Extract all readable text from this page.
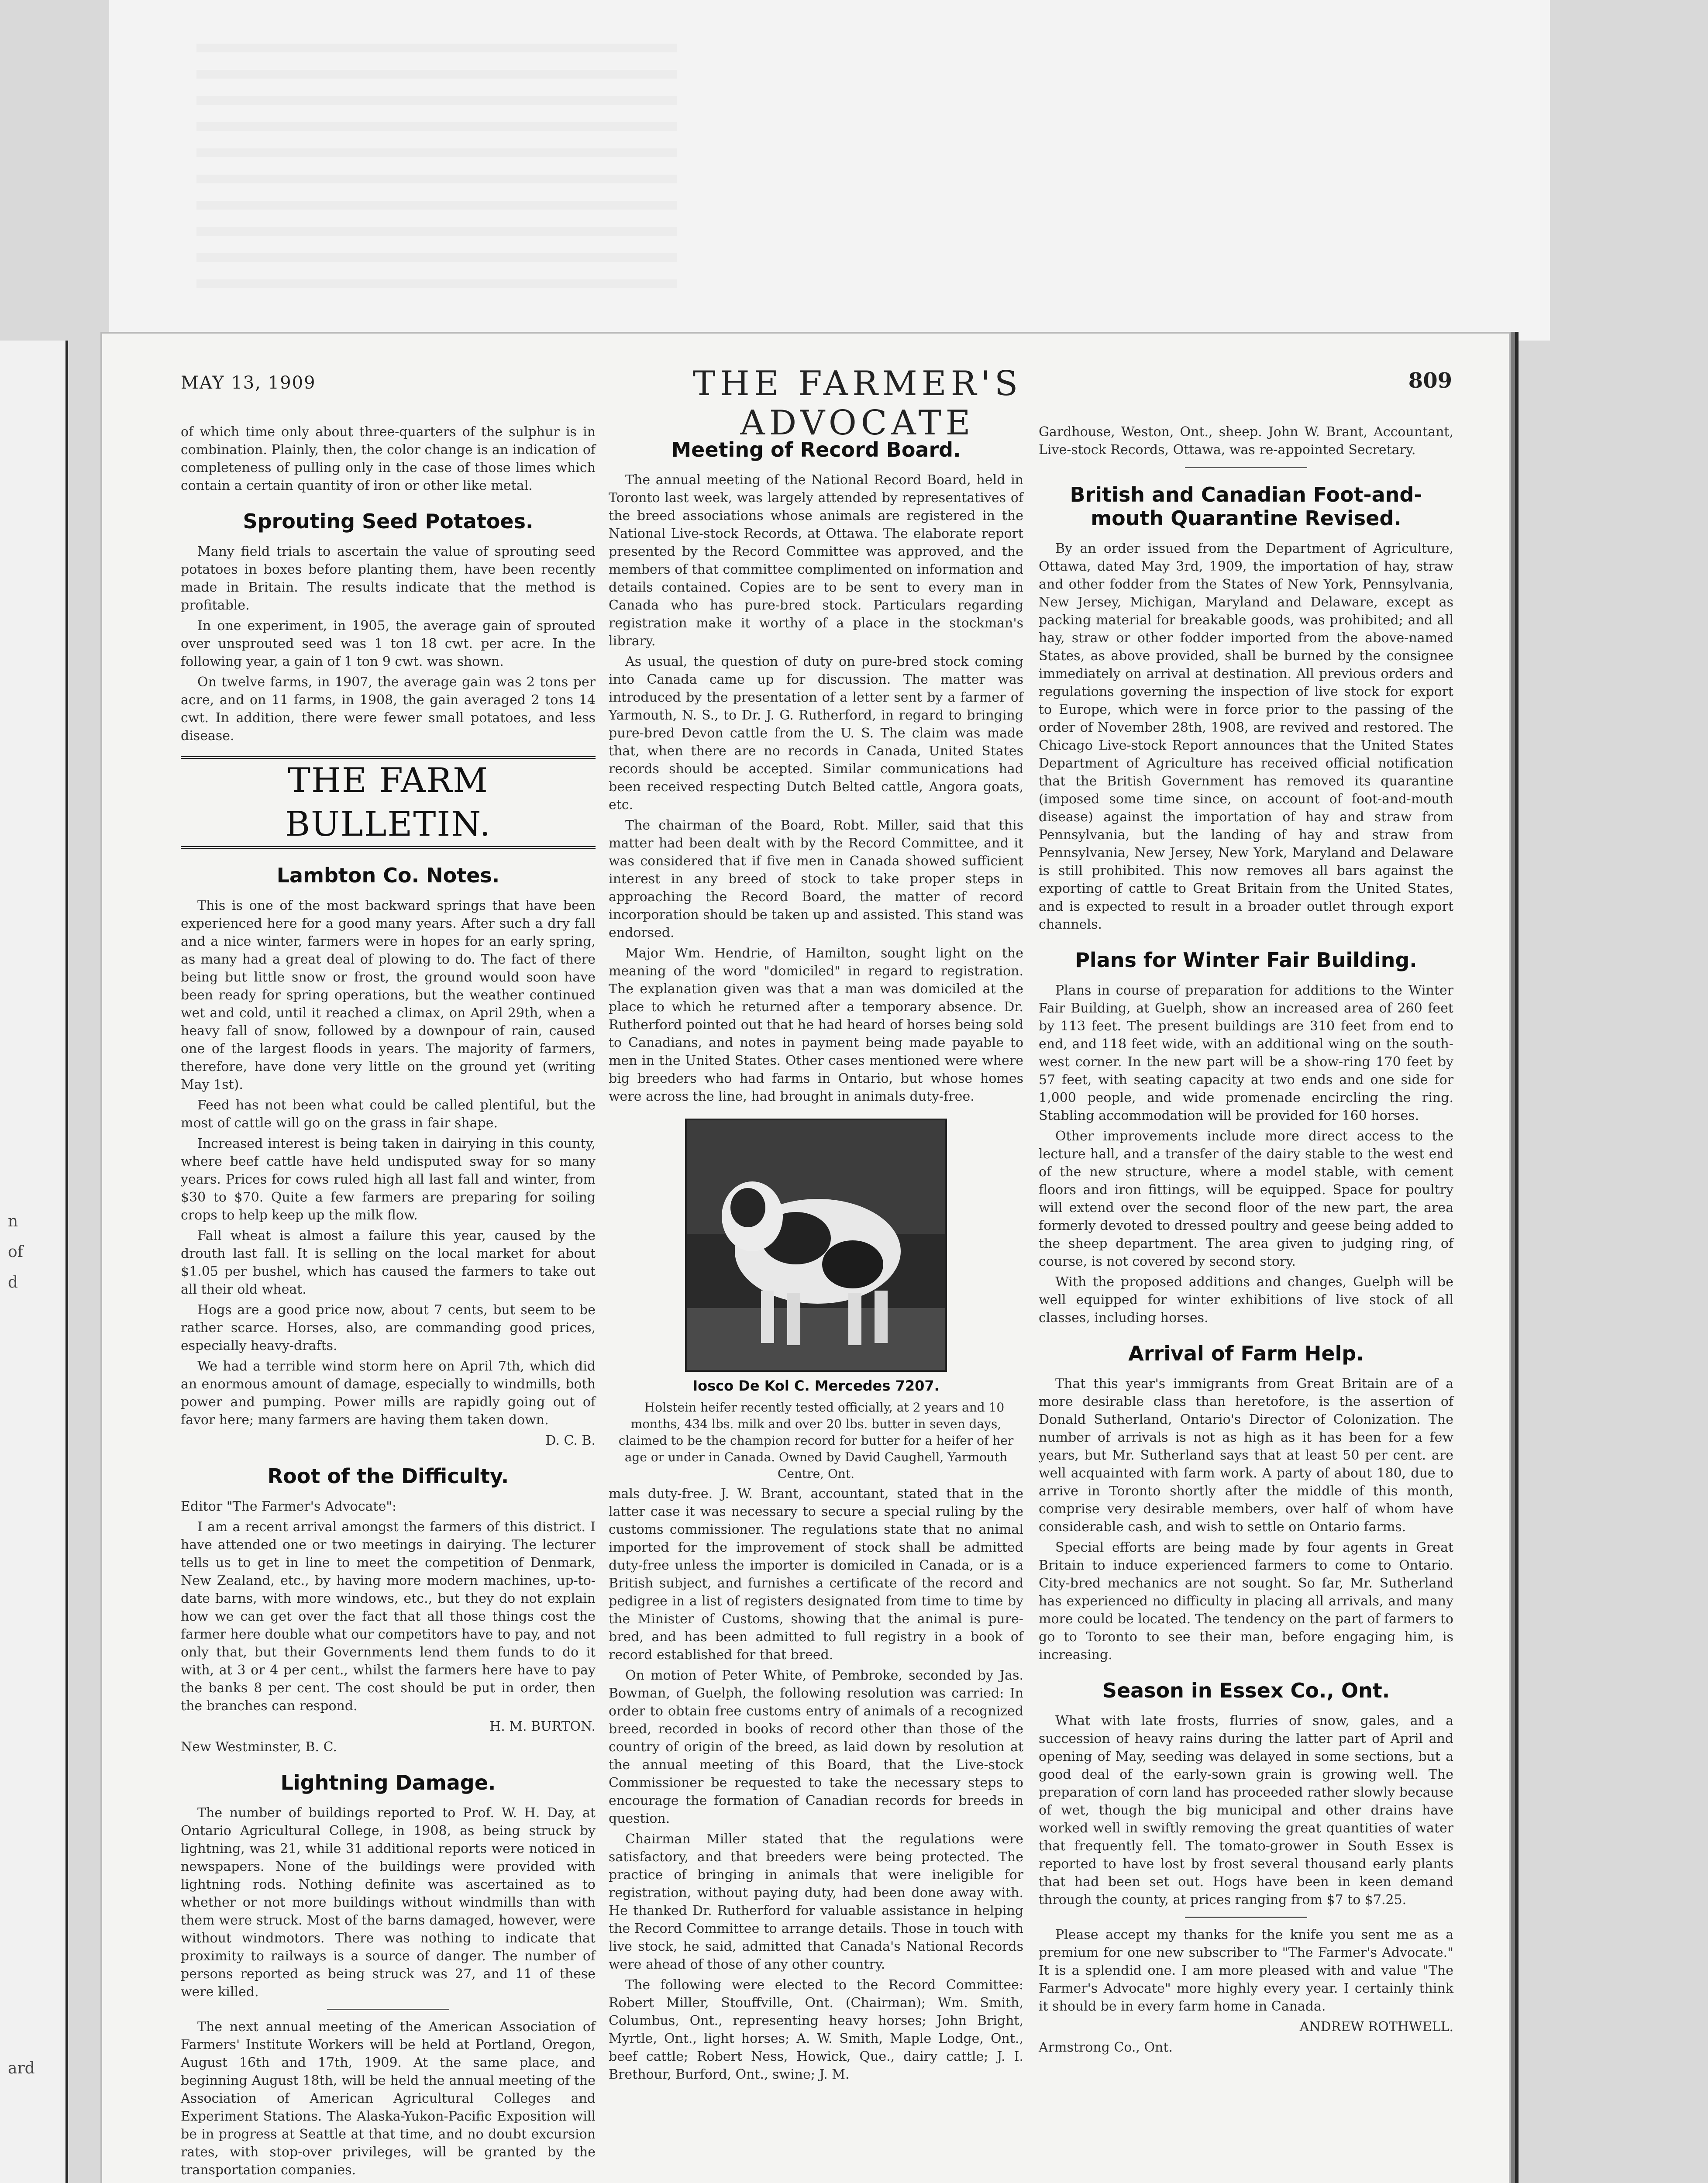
n
of
d
ard
MAY 13, 1909	THE FARMER'S ADVOCATE
809

of which time only about three-quarters of the sulphur is in combination. Plainly, then, the color change is an indication of completeness of pulling only in the case of those limes which contain a certain quantity of iron or other like metal.

Sprouting Seed Potatoes.

Many field trials to ascertain the value of sprouting seed potatoes in boxes before planting them, have been recently made in Britain. The results indicate that the method is profitable.

In one experiment, in 1905, the average gain of sprouted over unsprouted seed was 1 ton 18 cwt. per acre. In the following year, a gain of 1 ton 9 cwt. was shown.

On twelve farms, in 1907, the average gain was 2 tons per acre, and on 11 farms, in 1908, the gain averaged 2 tons 14 cwt. In addition, there were fewer small potatoes, and less disease.

THE FARM BULLETIN.
Lambton Co. Notes.

This is one of the most backward springs that have been experienced here for a good many years. After such a dry fall and a nice winter, farmers were in hopes for an early spring, as many had a great deal of plowing to do. The fact of there being but little snow or frost, the ground would soon have been ready for spring operations, but the weather continued wet and cold, until it reached a climax, on April 29th, when a heavy fall of snow, followed by a downpour of rain, caused one of the largest floods in years. The majority of farmers, therefore, have done very little on the ground yet (writing May 1st).

Feed has not been what could be called plentiful, but the most of cattle will go on the grass in fair shape.

Increased interest is being taken in dairying in this county, where beef cattle have held undisputed sway for so many years. Prices for cows ruled high all last fall and winter, from $30 to $70. Quite a few farmers are preparing for soiling crops to help keep up the milk flow.

Fall wheat is almost a failure this year, caused by the drouth last fall. It is selling on the local market for about $1.05 per bushel, which has caused the farmers to take out all their old wheat.

Hogs are a good price now, about 7 cents, but seem to be rather scarce. Horses, also, are commanding good prices, especially heavy-drafts.

We had a terrible wind storm here on April 7th, which did an enormous amount of damage, especially to windmills, both power and pumping. Power mills are rapidly going out of favor here; many farmers are having them taken down.

D. C. B.

Root of the Difficulty.

Editor "The Farmer's Advocate":

I am a recent arrival amongst the farmers of this district. I have attended one or two meetings in dairying. The lecturer tells us to get in line to meet the competition of Denmark, New Zealand, etc., by having more modern machines, up-to-date barns, with more windows, etc., but they do not explain how we can get over the fact that all those things cost the farmer here double what our competitors have to pay, and not only that, but their Governments lend them funds to do it with, at 3 or 4 per cent., whilst the farmers here have to pay the banks 8 per cent. The cost should be put in order, then the branches can respond.

H. M. BURTON.

New Westminster, B. C.

Lightning Damage.

The number of buildings reported to Prof. W. H. Day, at Ontario Agricultural College, in 1908, as being struck by lightning, was 21, while 31 additional reports were noticed in newspapers. None of the buildings were provided with lightning rods. Nothing definite was ascertained as to whether or not more buildings without windmills than with them were struck. Most of the barns damaged, however, were without windmotors. There was nothing to indicate that proximity to railways is a source of danger. The number of persons reported as being struck was 27, and 11 of these were killed.

The next annual meeting of the American Association of Farmers' Institute Workers will be held at Portland, Oregon, August 16th and 17th, 1909. At the same place, and beginning August 18th, will be held the annual meeting of the Association of American Agricultural Colleges and Experiment Stations. The Alaska-Yukon-Pacific Exposition will be in progress at Seattle at that time, and no doubt excursion rates, with stop-over privileges, will be granted by the transportation companies.

Meeting of Record Board.

The annual meeting of the National Record Board, held in Toronto last week, was largely attended by representatives of the breed associations whose animals are registered in the National Live-stock Records, at Ottawa. The elaborate report presented by the Record Committee was approved, and the members of that committee complimented on information and details contained. Copies are to be sent to every man in Canada who has pure-bred stock. Particulars regarding registration make it worthy of a place in the stockman's library.

As usual, the question of duty on pure-bred stock coming into Canada came up for discussion. The matter was introduced by the presentation of a letter sent by a farmer of Yarmouth, N. S., to Dr. J. G. Rutherford, in regard to bringing pure-bred Devon cattle from the U. S. The claim was made that, when there are no records in Canada, United States records should be accepted. Similar communications had been received respecting Dutch Belted cattle, Angora goats, etc.

The chairman of the Board, Robt. Miller, said that this matter had been dealt with by the Record Committee, and it was considered that if five men in Canada showed sufficient interest in any breed of stock to take proper steps in approaching the Record Board, the matter of record incorporation should be taken up and assisted. This stand was endorsed.

Major Wm. Hendrie, of Hamilton, sought light on the meaning of the word "domiciled" in regard to registration. The explanation given was that a man was domiciled at the place to which he returned after a temporary absence. Dr. Rutherford pointed out that he had heard of horses being sold to Canadians, and notes in payment being made payable to men in the United States. Other cases mentioned were where big breeders who had farms in Ontario, but whose homes were across the line, had brought in animals duty-free.

Iosco De Kol C. Mercedes 7207.

Holstein heifer recently tested officially, at 2 years and 10 months, 434 lbs. milk and over 20 lbs. butter in seven days, claimed to be the champion record for butter for a heifer of her age or under in Canada. Owned by David Caughell, Yarmouth Centre, Ont.

mals duty-free. J. W. Brant, accountant, stated that in the latter case it was necessary to secure a special ruling by the customs commissioner. The regulations state that no animal imported for the improvement of stock shall be admitted duty-free unless the importer is domiciled in Canada, or is a British subject, and furnishes a certificate of the record and pedigree in a list of registers designated from time to time by the Minister of Customs, showing that the animal is pure-bred, and has been admitted to full registry in a book of record established for that breed.

On motion of Peter White, of Pembroke, seconded by Jas. Bowman, of Guelph, the following resolution was carried: In order to obtain free customs entry of animals of a recognized breed, recorded in books of record other than those of the country of origin of the breed, as laid down by resolution at the annual meeting of this Board, that the Live-stock Commissioner be requested to take the necessary steps to encourage the formation of Canadian records for breeds in question.

Chairman Miller stated that the regulations were satisfactory, and that breeders were being protected. The practice of bringing in animals that were ineligible for registration, without paying duty, had been done away with. He thanked Dr. Rutherford for valuable assistance in helping the Record Committee to arrange details. Those in touch with live stock, he said, admitted that Canada's National Records were ahead of those of any other country.

The following were elected to the Record Committee: Robert Miller, Stouffville, Ont. (Chairman); Wm. Smith, Columbus, Ont., representing heavy horses; John Bright, Myrtle, Ont., light horses; A. W. Smith, Maple Lodge, Ont., beef cattle; Robert Ness, Howick, Que., dairy cattle; J. I. Brethour, Burford, Ont., swine; J. M.

Gardhouse, Weston, Ont., sheep. John W. Brant, Accountant, Live-stock Records, Ottawa, was re-appointed Secretary.

British and Canadian Foot-and-mouth Quarantine Revised.

By an order issued from the Department of Agriculture, Ottawa, dated May 3rd, 1909, the importation of hay, straw and other fodder from the States of New York, Pennsylvania, New Jersey, Michigan, Maryland and Delaware, except as packing material for breakable goods, was prohibited; and all hay, straw or other fodder imported from the above-named States, as above provided, shall be burned by the consignee immediately on arrival at destination. All previous orders and regulations governing the inspection of live stock for export to Europe, which were in force prior to the passing of the order of November 28th, 1908, are revived and restored. The Chicago Live-stock Report announces that the United States Department of Agriculture has received official notification that the British Government has removed its quarantine (imposed some time since, on account of foot-and-mouth disease) against the importation of hay and straw from Pennsylvania, but the landing of hay and straw from Pennsylvania, New Jersey, New York, Maryland and Delaware is still prohibited. This now removes all bars against the exporting of cattle to Great Britain from the United States, and is expected to result in a broader outlet through export channels.

Plans for Winter Fair Building.

Plans in course of preparation for additions to the Winter Fair Building, at Guelph, show an increased area of 260 feet by 113 feet. The present buildings are 310 feet from end to end, and 118 feet wide, with an additional wing on the south-west corner. In the new part will be a show-ring 170 feet by 57 feet, with seating capacity at two ends and one side for 1,000 people, and wide promenade encircling the ring. Stabling accommodation will be provided for 160 horses.

Other improvements include more direct access to the lecture hall, and a transfer of the dairy stable to the west end of the new structure, where a model stable, with cement floors and iron fittings, will be equipped. Space for poultry will extend over the second floor of the new part, the area formerly devoted to dressed poultry and geese being added to the sheep department. The area given to judging ring, of course, is not covered by second story.

With the proposed additions and changes, Guelph will be well equipped for winter exhibitions of live stock of all classes, including horses.

Arrival of Farm Help.

That this year's immigrants from Great Britain are of a more desirable class than heretofore, is the assertion of Donald Sutherland, Ontario's Director of Colonization. The number of arrivals is not as high as it has been for a few years, but Mr. Sutherland says that at least 50 per cent. are well acquainted with farm work. A party of about 180, due to arrive in Toronto shortly after the middle of this month, comprise very desirable members, over half of whom have considerable cash, and wish to settle on Ontario farms.

Special efforts are being made by four agents in Great Britain to induce experienced farmers to come to Ontario. City-bred mechanics are not sought. So far, Mr. Sutherland has experienced no difficulty in placing all arrivals, and many more could be located. The tendency on the part of farmers to go to Toronto to see their man, before engaging him, is increasing.

Season in Essex Co., Ont.

What with late frosts, flurries of snow, gales, and a succession of heavy rains during the latter part of April and opening of May, seeding was delayed in some sections, but a good deal of the early-sown grain is growing well. The preparation of corn land has proceeded rather slowly because of wet, though the big municipal and other drains have worked well in swiftly removing the great quantities of water that frequently fell. The tomato-grower in South Essex is reported to have lost by frost several thousand early plants that had been set out. Hogs have been in keen demand through the county, at prices ranging from $7 to $7.25.

Please accept my thanks for the knife you sent me as a premium for one new subscriber to "The Farmer's Advocate." It is a splendid one. I am more pleased with and value "The Farmer's Advocate" more highly every year. I certainly think it should be in every farm home in Canada.

ANDREW ROTHWELL.

Armstrong Co., Ont.
